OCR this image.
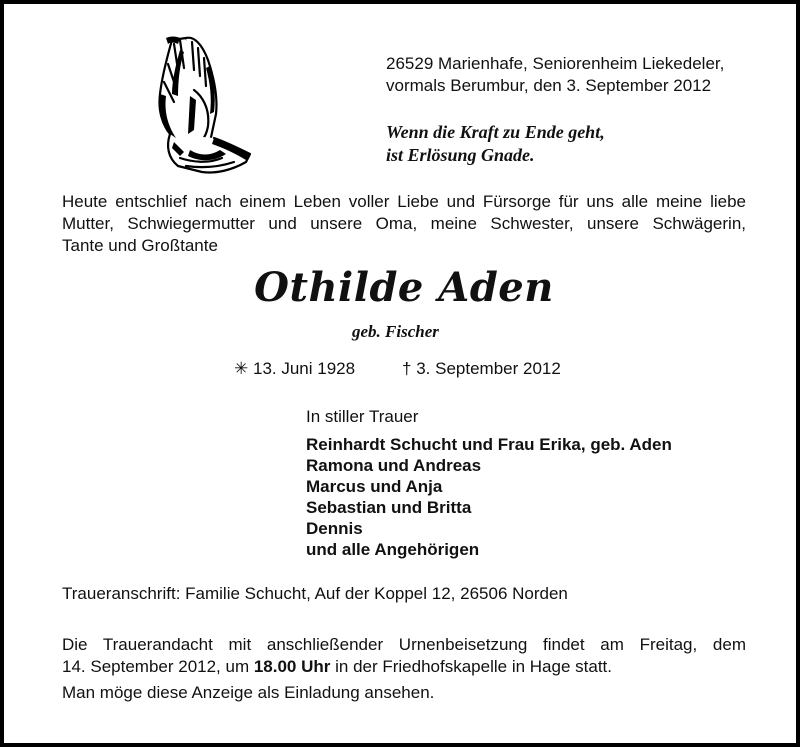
26529 Marienhafe, Seniorenheim Liekedeler,
vormals Berumbur, den 3. September 2012
Wenn die Kraft zu Ende geht,
ist Erlösung Gnade.
Heute entschlief nach einem Leben voller Liebe und Fürsorge für uns alle meine liebe
Mutter, Schwiegermutter und unsere Oma, meine Schwester, unsere Schwägerin,
Tante und Großtante
Othilde Aden
geb. Fischer
✳ 13. Juni 1928	† 3. September 2012
In stiller Trauer
Reinhardt Schucht und Frau Erika, geb. Aden
Ramona und Andreas
Marcus und Anja
Sebastian und Britta
Dennis
und alle Angehörigen
Traueranschrift: Familie Schucht, Auf der Koppel 12, 26506 Norden
Die Trauerandacht mit anschließender Urnenbeisetzung findet am Freitag, dem
14. September 2012, um 18.00 Uhr in der Friedhofskapelle in Hage statt.
Man möge diese Anzeige als Einladung ansehen.
